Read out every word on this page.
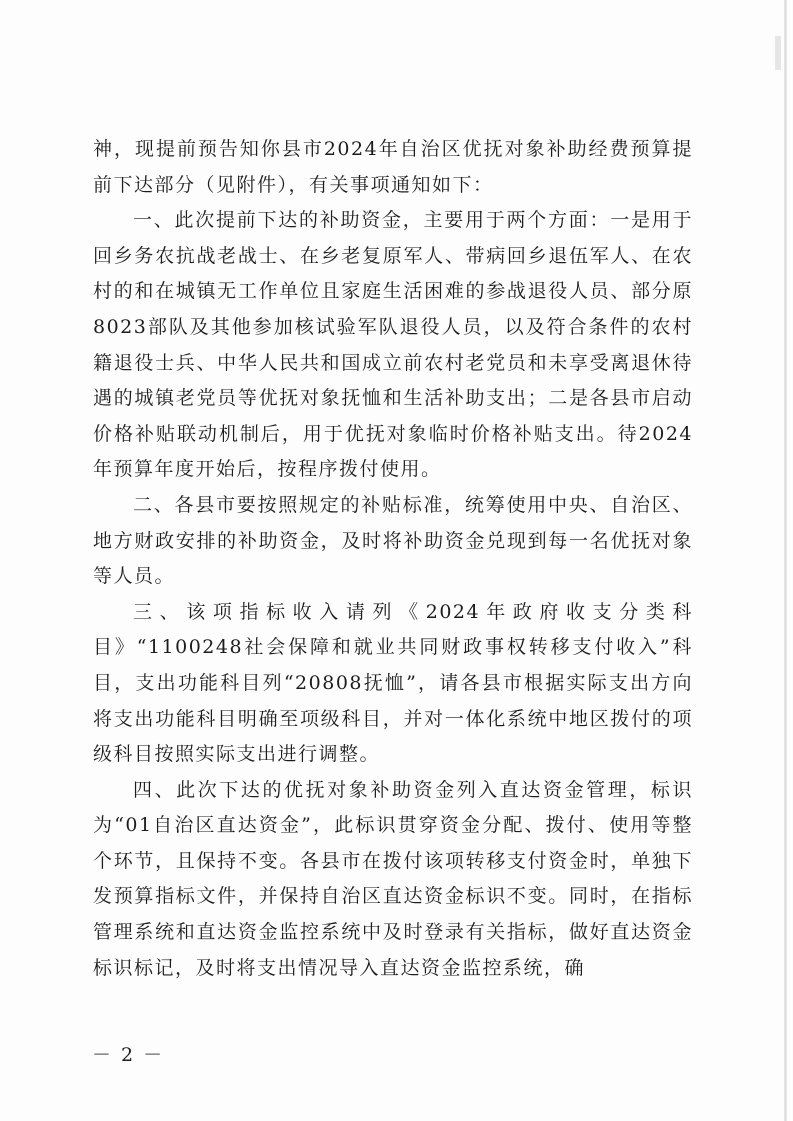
神，现提前预告知你县市2024年自治区优抚对象补助经费预算提前下达部分（见附件），有关事项通知如下：

一、此次提前下达的补助资金，主要用于两个方面：一是用于回乡务农抗战老战士、在乡老复原军人、带病回乡退伍军人、在农村的和在城镇无工作单位且家庭生活困难的参战退役人员、部分原8023部队及其他参加核试验军队退役人员，以及符合条件的农村籍退役士兵、中华人民共和国成立前农村老党员和未享受离退休待遇的城镇老党员等优抚对象抚恤和生活补助支出；二是各县市启动价格补贴联动机制后，用于优抚对象临时价格补贴支出。待2024年预算年度开始后，按程序拨付使用。

二、各县市要按照规定的补贴标准，统筹使用中央、自治区、地方财政安排的补助资金，及时将补助资金兑现到每一名优抚对象等人员。

三、该项指标收入请列《2024年政府收支分类科目》“1100248社会保障和就业共同财政事权转移支付收入”科目，支出功能科目列“20808抚恤”，请各县市根据实际支出方向将支出功能科目明确至项级科目，并对一体化系统中地区拨付的项级科目按照实际支出进行调整。

四、此次下达的优抚对象补助资金列入直达资金管理，标识为“01自治区直达资金”，此标识贯穿资金分配、拨付、使用等整个环节，且保持不变。各县市在拨付该项转移支付资金时，单独下发预算指标文件，并保持自治区直达资金标识不变。同时，在指标管理系统和直达资金监控系统中及时登录有关指标，做好直达资金标识标记，及时将支出情况导入直达资金监控系统，确

－ 2 －
